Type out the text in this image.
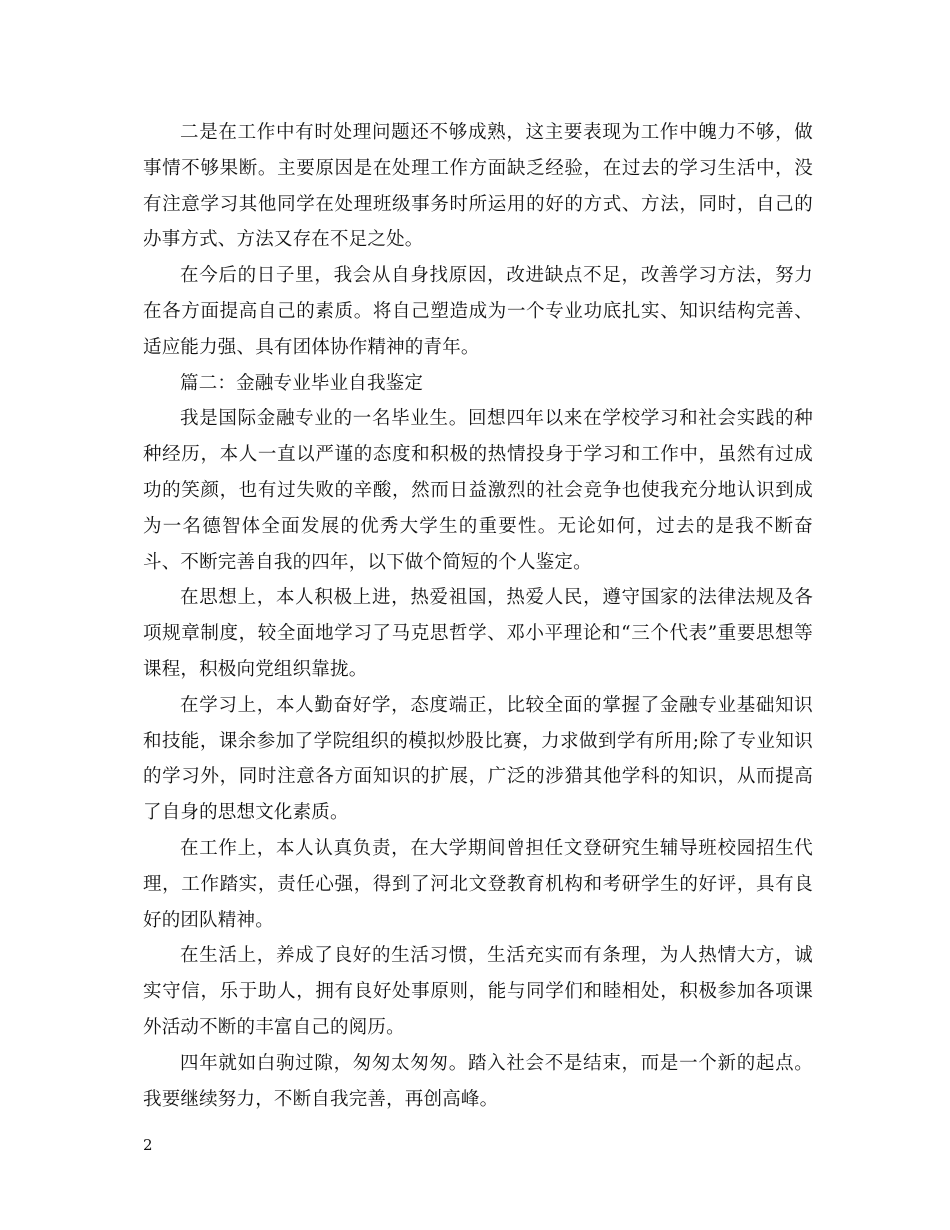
二是在工作中有时处理问题还不够成熟，这主要表现为工作中魄力不够，做事情不够果断。主要原因是在处理工作方面缺乏经验，在过去的学习生活中，没有注意学习其他同学在处理班级事务时所运用的好的方式、方法，同时，自己的办事方式、方法又存在不足之处。

在今后的日子里，我会从自身找原因，改进缺点不足，改善学习方法，努力在各方面提高自己的素质。将自己塑造成为一个专业功底扎实、知识结构完善、适应能力强、具有团体协作精神的青年。

篇二：金融专业毕业自我鉴定

我是国际金融专业的一名毕业生。回想四年以来在学校学习和社会实践的种种经历，本人一直以严谨的态度和积极的热情投身于学习和工作中，虽然有过成功的笑颜，也有过失败的辛酸，然而日益激烈的社会竞争也使我充分地认识到成为一名德智体全面发展的优秀大学生的重要性。无论如何，过去的是我不断奋斗、不断完善自我的四年，以下做个简短的个人鉴定。

在思想上，本人积极上进，热爱祖国，热爱人民，遵守国家的法律法规及各项规章制度，较全面地学习了马克思哲学、邓小平理论和“三个代表”重要思想等课程，积极向党组织靠拢。

在学习上，本人勤奋好学，态度端正，比较全面的掌握了金融专业基础知识和技能，课余参加了学院组织的模拟炒股比赛，力求做到学有所用;除了专业知识的学习外，同时注意各方面知识的扩展，广泛的涉猎其他学科的知识，从而提高了自身的思想文化素质。

在工作上，本人认真负责，在大学期间曾担任文登研究生辅导班校园招生代理，工作踏实，责任心强，得到了河北文登教育机构和考研学生的好评，具有良好的团队精神。

在生活上，养成了良好的生活习惯，生活充实而有条理，为人热情大方，诚实守信，乐于助人，拥有良好处事原则，能与同学们和睦相处，积极参加各项课外活动不断的丰富自己的阅历。

四年就如白驹过隙，匆匆太匆匆。踏入社会不是结束，而是一个新的起点。我要继续努力，不断自我完善，再创高峰。

2
